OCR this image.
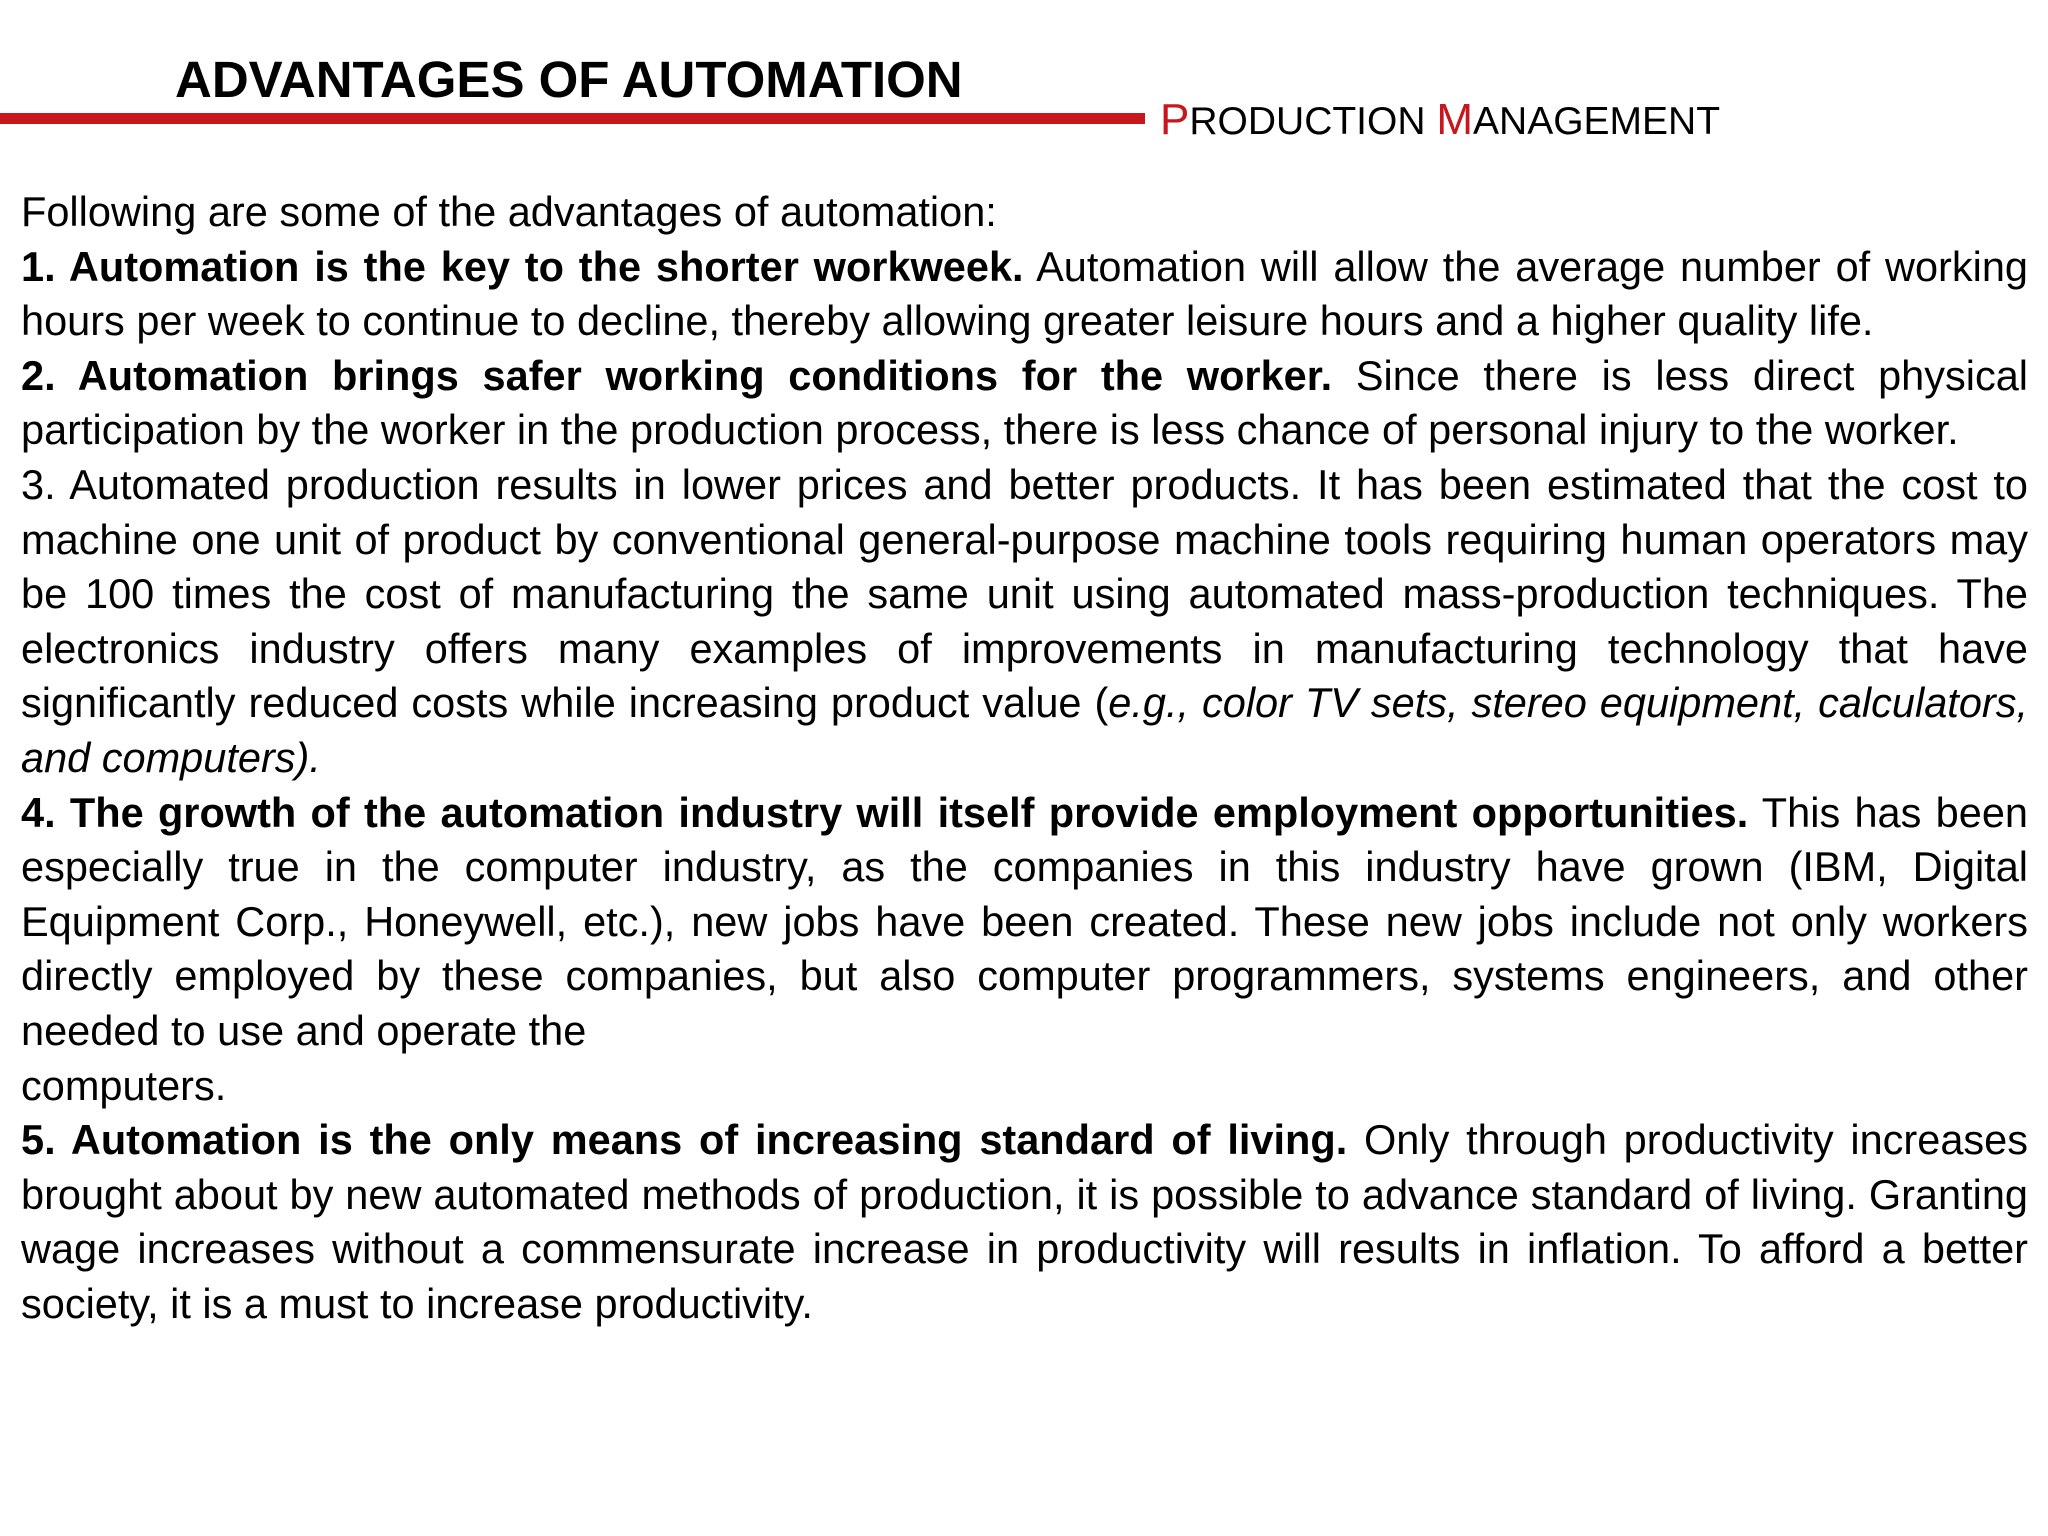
ADVANTAGES OF AUTOMATION
PRODUCTION MANAGEMENT

Following are some of the advantages of automation:

1. Automation is the key to the shorter workweek. Automation will allow the average number of working hours per week to continue to decline, thereby allowing greater leisure hours and a higher quality life.

2. Automation brings safer working conditions for the worker. Since there is less direct physical participation by the worker in the production process, there is less chance of personal injury to the worker.

3. Automated production results in lower prices and better products. It has been estimated that the cost to machine one unit of product by conventional general-purpose machine tools requiring human operators may be 100 times the cost of manufacturing the same unit using automated mass-production techniques. The electronics industry offers many examples of improvements in manufacturing technology that have significantly reduced costs while increasing product value (e.g., color TV sets, stereo equipment, calculators, and computers).

4. The growth of the automation industry will itself provide employment opportunities. This has been especially true in the computer industry, as the companies in this industry have grown (IBM, Digital Equipment Corp., Honeywell, etc.), new jobs have been created. These new jobs include not only workers directly employed by these companies, but also computer programmers, systems engineers, and other needed to use and operate the

computers.

5. Automation is the only means of increasing standard of living. Only through productivity increases brought about by new automated methods of production, it is possible to advance standard of living. Granting wage increases without a commensurate increase in productivity will results in inflation. To afford a better society, it is a must to increase productivity.
